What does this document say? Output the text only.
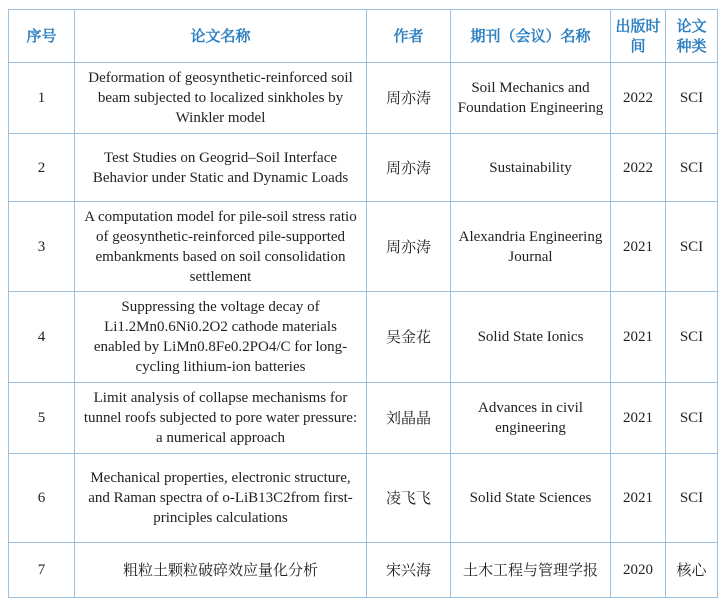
序号	论文名称	作者	期刊（会议）名称	出版时间	论文种类
1	Deformation of geosynthetic-reinforced soil beam subjected to localized sinkholes by Winkler model	周亦涛	Soil Mechanics and Foundation Engineering	2022	SCI
2	Test Studies on Geogrid–Soil Interface Behavior under Static and Dynamic Loads	周亦涛	Sustainability	2022	SCI
3	A computation model for pile-soil stress ratio of geosynthetic-reinforced pile-supported embankments based on soil consolidation settlement	周亦涛	Alexandria Engineering Journal	2021	SCI
4	Suppressing the voltage decay of Li1.2Mn0.6Ni0.2O2 cathode materials enabled by LiMn0.8Fe0.2PO4/C for long-cycling lithium-ion batteries	吴金花	Solid State Ionics	2021	SCI
5	Limit analysis of collapse mechanisms for tunnel roofs subjected to pore water pressure: a numerical approach	刘晶晶	Advances in civil engineering	2021	SCI
6	Mechanical properties, electronic structure, and Raman spectra of o-LiB13C2from first-principles calculations	凌飞飞	Solid State Sciences	2021	SCI
7	粗粒土颗粒破碎效应量化分析	宋兴海	土木工程与管理学报	2020	核心
